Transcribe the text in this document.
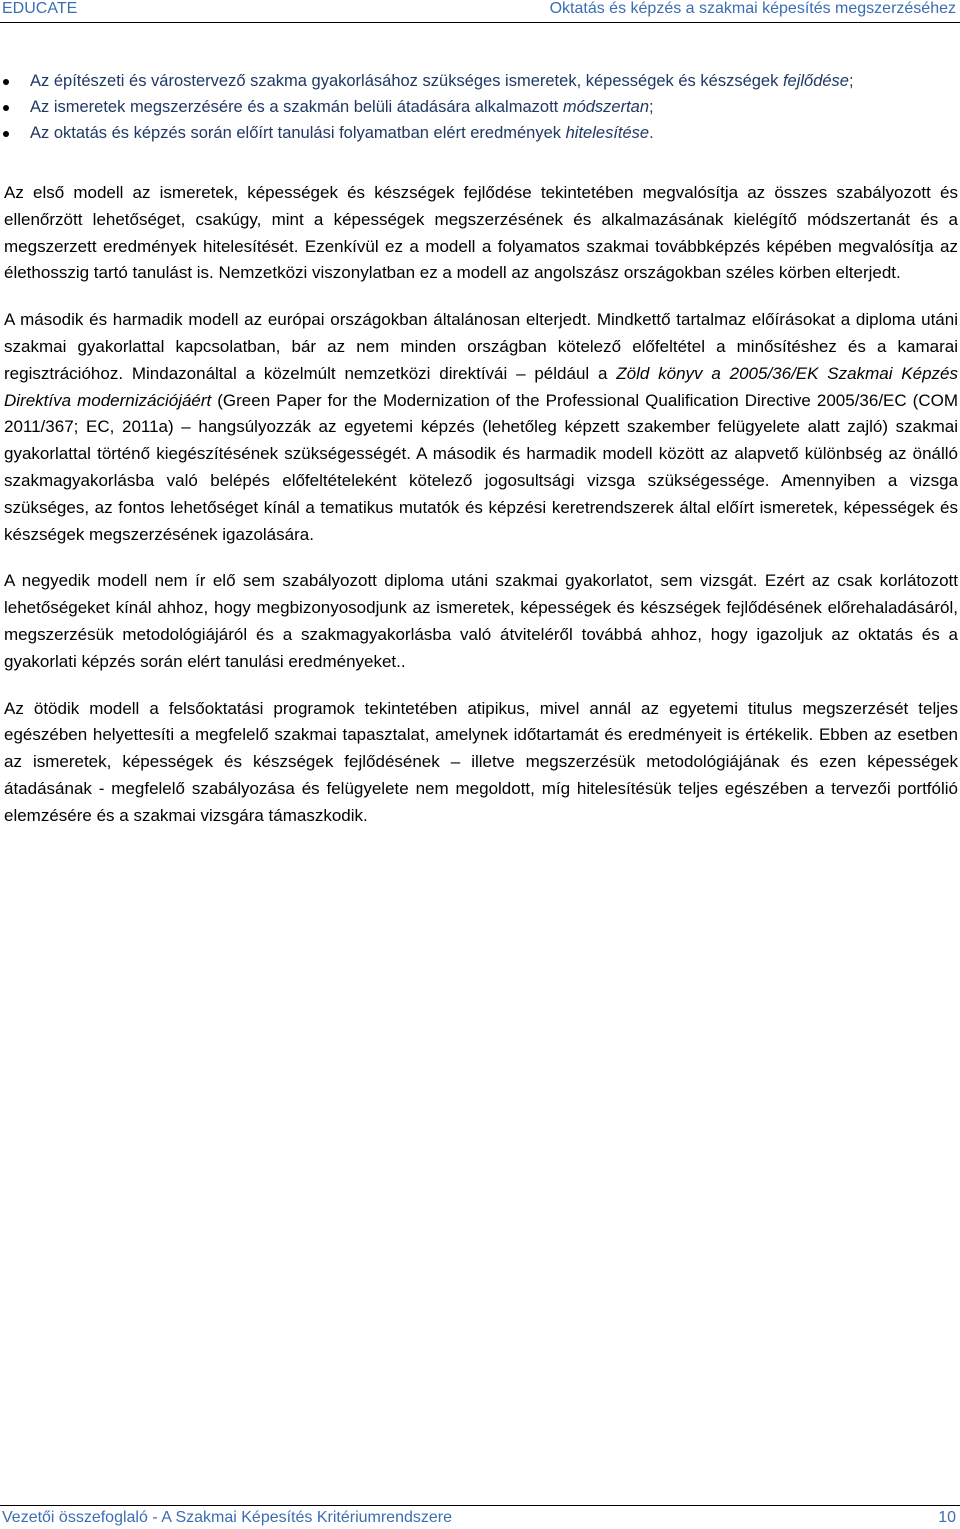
EDUCATE	Oktatás és képzés a szakmai képesítés megszerzéséhez
Az építészeti és várostervező szakma gyakorlásához szükséges ismeretek, képességek és készségek fejlődése;
Az ismeretek megszerzésére és a szakmán belüli átadására alkalmazott módszertan;
Az oktatás és képzés során előírt tanulási folyamatban elért eredmények hitelesítése.

Az első modell az ismeretek, képességek és készségek fejlődése tekintetében megvalósítja az összes szabályozott és ellenőrzött lehetőséget, csakúgy, mint a képességek megszerzésének és alkalmazásának kielégítő módszertanát és a megszerzett eredmények hitelesítését. Ezenkívül ez a modell a folyamatos szakmai továbbképzés képében megvalósítja az élethosszig tartó tanulást is. Nemzetközi viszonylatban ez a modell az angolszász országokban széles körben elterjedt.

A második és harmadik modell az európai országokban általánosan elterjedt. Mindkettő tartalmaz előírásokat a diploma utáni szakmai gyakorlattal kapcsolatban, bár az nem minden országban kötelező előfeltétel a minősítéshez és a kamarai regisztrációhoz. Mindazonáltal a közelmúlt nemzetközi direktívái – például a Zöld könyv a 2005/36/EK Szakmai Képzés Direktíva modernizációjáért (Green Paper for the Modernization of the Professional Qualification Directive 2005/36/EC (COM 2011/367; EC, 2011a) – hangsúlyozzák az egyetemi képzés (lehetőleg képzett szakember felügyelete alatt zajló) szakmai gyakorlattal történő kiegészítésének szükségességét. A második és harmadik modell között az alapvető különbség az önálló szakmagyakorlásba való belépés előfeltételeként kötelező jogosultsági vizsga szükségessége. Amennyiben a vizsga szükséges, az fontos lehetőséget kínál a tematikus mutatók és képzési keretrendszerek által előírt ismeretek, képességek és készségek megszerzésének igazolására.

A negyedik modell nem ír elő sem szabályozott diploma utáni szakmai gyakorlatot, sem vizsgát. Ezért az csak korlátozott lehetőségeket kínál ahhoz, hogy megbizonyosodjunk az ismeretek, képességek és készségek fejlődésének előrehaladásáról, megszerzésük metodológiájáról és a szakmagyakorlásba való átviteléről továbbá ahhoz, hogy igazoljuk az oktatás és a gyakorlati képzés során elért tanulási eredményeket..

Az ötödik modell a felsőoktatási programok tekintetében atipikus, mivel annál az egyetemi titulus megszerzését teljes egészében helyettesíti a megfelelő szakmai tapasztalat, amelynek időtartamát és eredményeit is értékelik. Ebben az esetben az ismeretek, képességek és készségek fejlődésének – illetve megszerzésük metodológiájának és ezen képességek átadásának - megfelelő szabályozása és felügyelete nem megoldott, míg hitelesítésük teljes egészében a tervezői portfólió elemzésére és a szakmai vizsgára támaszkodik.

Vezetői összefoglaló - A Szakmai Képesítés Kritériumrendszere	10
